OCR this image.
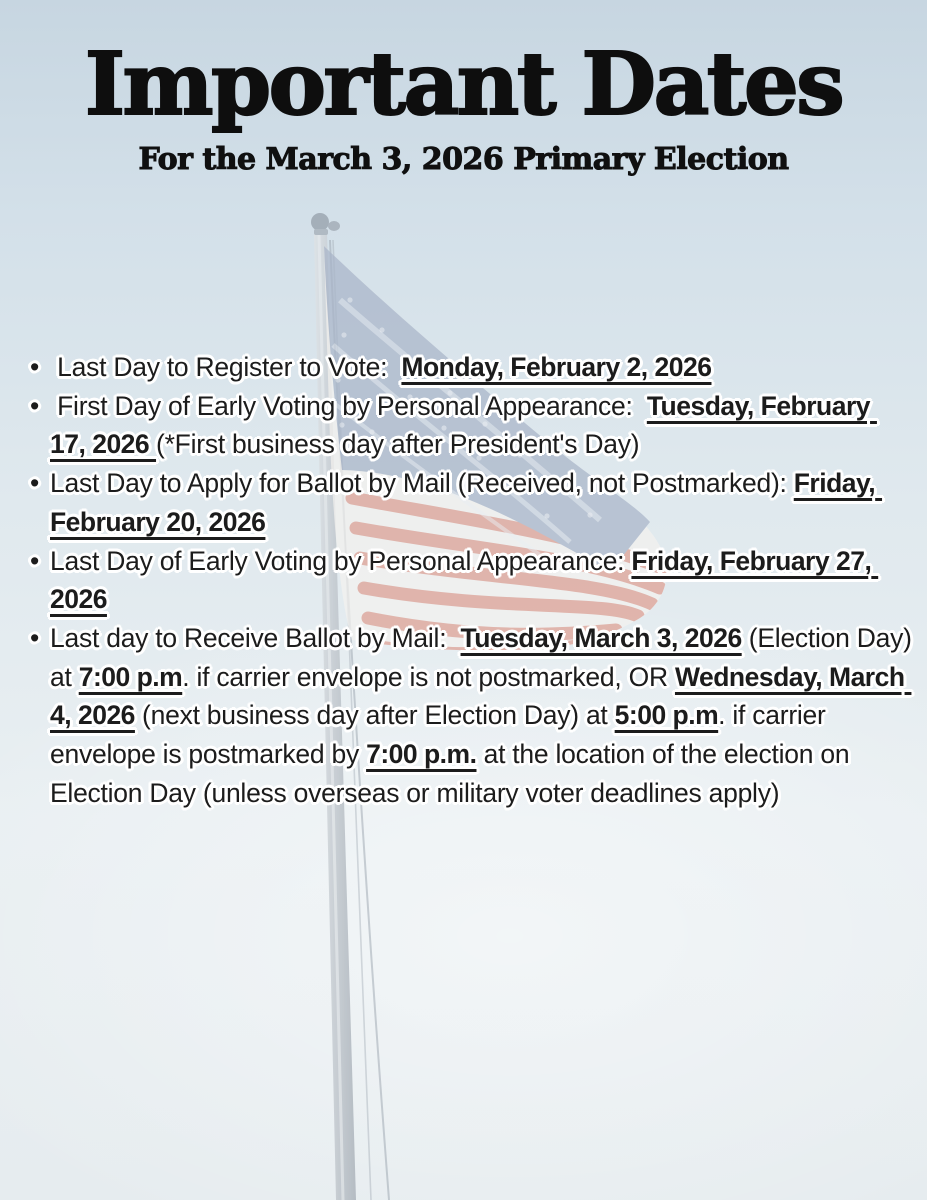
Important Dates
For the March 3, 2026 Primary Election
•  Last Day to Register to Vote:  Monday, February 2, 2026
•  First Day of Early Voting by Personal Appearance:  Tuesday, February 17, 2026 (*First business day after President's Day)
• Last Day to Apply for Ballot by Mail (Received, not Postmarked): Friday, February 20, 2026
• Last Day of Early Voting by Personal Appearance: Friday, February 27, 2026
• Last day to Receive Ballot by Mail:  Tuesday, March 3, 2026 (Election Day) at 7:00 p.m. if carrier envelope is not postmarked, OR Wednesday, March 4, 2026 (next business day after Election Day) at 5:00 p.m. if carrier envelope is postmarked by 7:00 p.m. at the location of the election on Election Day (unless overseas or military voter deadlines apply)
